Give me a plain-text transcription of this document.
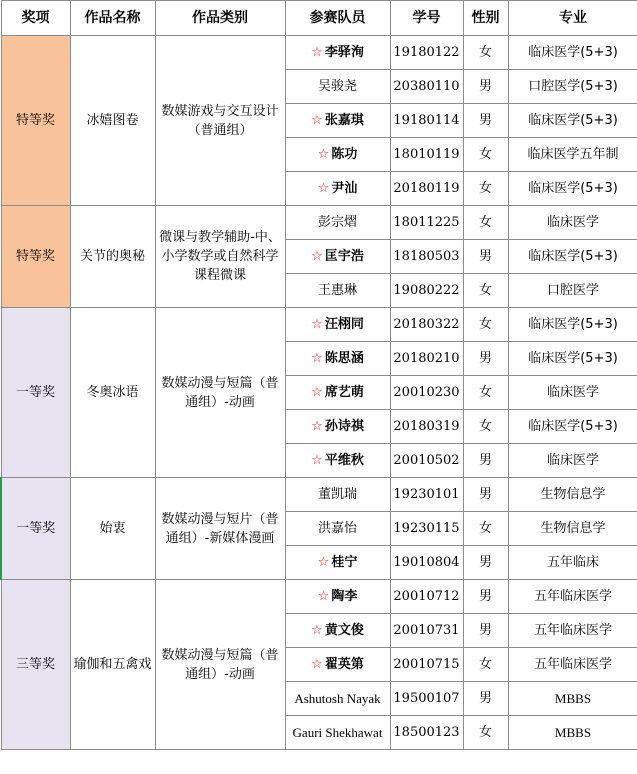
奖项	作品名称	作品类别	参赛队员	学号	性别	专业
特等奖	冰嬉图卷	数媒游戏与交互设计（普通组）	☆ 李驿洵	19180122	女	临床医学(5+3)
			吴骏尧	20380110	男	口腔医学(5+3)
			☆ 张嘉琪	19180114	男	临床医学(5+3)
			☆ 陈功	18010119	女	临床医学五年制
			☆ 尹汕	20180119	女	临床医学(5+3)
特等奖	关节的奥秘	微课与教学辅助-中、小学数学或自然科学课程微课	彭宗熠	18011225	女	临床医学
			☆ 匡宇浩	18180503	男	临床医学(5+3)
			王惠琳	19080222	女	口腔医学
一等奖	冬奥冰语	数媒动漫与短篇（普通组）-动画	☆ 汪栩同	20180322	女	临床医学(5+3)
			☆ 陈思涵	20180210	男	临床医学(5+3)
			☆ 席艺萌	20010230	女	临床医学
			☆ 孙诗祺	20180319	女	临床医学(5+3)
			☆ 平维秋	20010502	男	临床医学
一等奖	始衷	数媒动漫与短片（普通组）-新媒体漫画	董凯瑞	19230101	男	生物信息学
			洪嘉怡	19230115	女	生物信息学
			☆ 桂宁	19010804	男	五年临床
三等奖	瑜伽和五禽戏	数媒动漫与短篇（普通组）-动画	☆ 陶李	20010712	男	五年临床医学
			☆ 黄文俊	20010731	男	五年临床医学
			☆ 翟英第	20010715	女	五年临床医学
			Ashutosh Nayak	19500107	男	MBBS
			Gauri Shekhawat	18500123	女	MBBS
